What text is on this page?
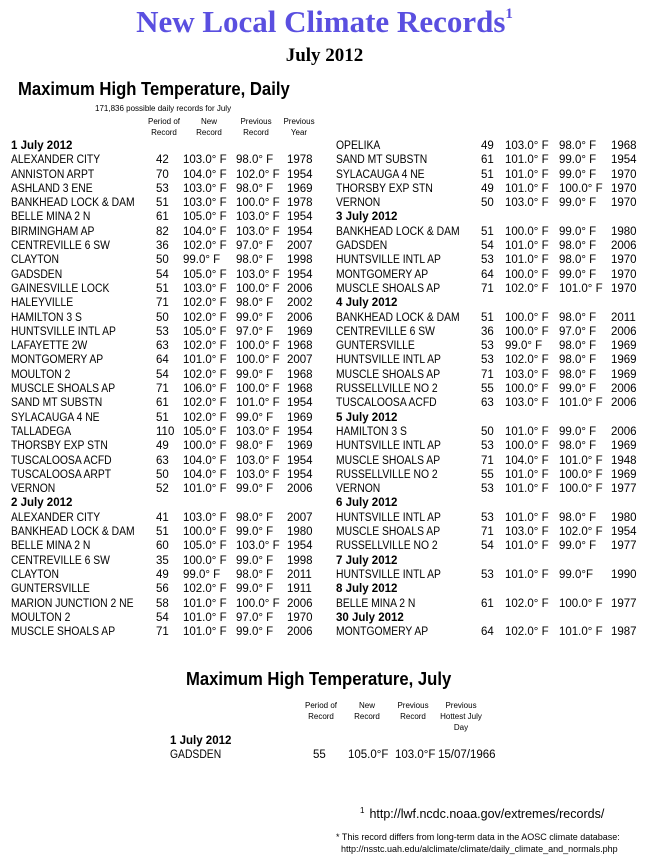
New Local Climate Records$^1$
July 2012
Maximum High Temperature, Daily
171,836 possible daily records for July
Period of
Record
New
Record
Previous
Record
Previous
Year
1 July 2012
ALEXANDER CITY	42 103.0° F 98.0° F 1978
ANNISTON ARPT	70 104.0° F 102.0° F 1954
ASHLAND 3 ENE	53 103.0° F 98.0° F 1969
BANKHEAD LOCK & DAM 51 103.0° F 100.0° F 1978
BELLE MINA 2 N	61 105.0° F 103.0° F 1954
BIRMINGHAM AP	82 104.0° F 103.0° F 1954
CENTREVILLE 6 SW	36 102.0° F 97.0° F 2007
CLAYTON	50 99.0° F 98.0° F 1998
GADSDEN	54 105.0° F 103.0° F 1954
GAINESVILLE LOCK	51 103.0° F 100.0° F 2006
HALEYVILLE	71 102.0° F 98.0° F 2002
HAMILTON 3 S	50 102.0° F 99.0° F 2006
HUNTSVILLE INTL AP	53 105.0° F 97.0° F 1969
LAFAYETTE 2W	63 102.0° F 100.0° F 1968
MONTGOMERY AP	64 101.0° F 100.0° F 2007
MOULTON 2	54 102.0° F 99.0° F 1968
MUSCLE SHOALS AP	71 106.0° F 100.0° F 1968
SAND MT SUBSTN	61 102.0° F 101.0° F 1954
SYLACAUGA 4 NE	51 102.0° F 99.0° F 1969
TALLADEGA	110 105.0° F 103.0° F 1954
THORSBY EXP STN	49 100.0° F 98.0° F 1969
TUSCALOOSA ACFD	63 104.0° F 103.0° F 1954
TUSCALOOSA ARPT	50 104.0° F 103.0° F 1954
VERNON	52 101.0° F 99.0° F 2006
2 July 2012
ALEXANDER CITY	41 103.0° F 98.0° F 2007
BANKHEAD LOCK & DAM 51 100.0° F 99.0° F 1980
BELLE MINA 2 N	60 105.0° F 103.0° F 1954
CENTREVILLE 6 SW	35 100.0° F 99.0° F 1998
CLAYTON	49 99.0° F 98.0° F 2011
GUNTERSVILLE	56 102.0° F 99.0° F 1911
MARION JUNCTION 2 NE 58 101.0° F 100.0° F 2006
MOULTON 2	54 101.0° F 97.0° F 1970
MUSCLE SHOALS AP	71 101.0° F 99.0° F 2006
OPELIKA	49 103.0° F 98.0° F 1968
SAND MT SUBSTN	61 101.0° F 99.0° F 1954
SYLACAUGA 4 NE	51 101.0° F 99.0° F 1970
THORSBY EXP STN	49 101.0° F 100.0° F 1970
VERNON	50 103.0° F 99.0° F 1970
3 July 2012
BANKHEAD LOCK & DAM 51 100.0° F 99.0° F 1980
GADSDEN	54 101.0° F 98.0° F 2006
HUNTSVILLE INTL AP	53 101.0° F 98.0° F 1970
MONTGOMERY AP	64 100.0° F 99.0° F 1970
MUSCLE SHOALS AP	71 102.0° F 101.0° F 1970
4 July 2012
BANKHEAD LOCK & DAM 51 100.0° F 98.0° F 2011
CENTREVILLE 6 SW	36 100.0° F 97.0° F 2006
GUNTERSVILLE	53 99.0° F 98.0° F 1969
HUNTSVILLE INTL AP	53 102.0° F 98.0° F 1969
MUSCLE SHOALS AP	71 103.0° F 98.0° F 1969
RUSSELLVILLE NO 2	55 100.0° F 99.0° F 2006
TUSCALOOSA ACFD	63 103.0° F 101.0° F 2006
5 July 2012
HAMILTON 3 S	50 101.0° F 99.0° F 2006
HUNTSVILLE INTL AP	53 100.0° F 98.0° F 1969
MUSCLE SHOALS AP	71 104.0° F 101.0° F 1948
RUSSELLVILLE NO 2	55 101.0° F 100.0° F 1969
VERNON	53 101.0° F 100.0° F 1977
6 July 2012
HUNTSVILLE INTL AP	53 101.0° F 98.0° F 1980
MUSCLE SHOALS AP	71 103.0° F 102.0° F 1954
RUSSELLVILLE NO 2	54 101.0° F 99.0° F 1977
7 July 2012
HUNTSVILLE INTL AP	53 101.0° F 99.0°F 1990
8 July 2012
BELLE MINA 2 N	61 102.0° F 100.0° F 1977
30 July 2012
MONTGOMERY AP	64 102.0° F 101.0° F 1987
Maximum High Temperature, July
Period of
Record
New
Record
Previous
Record
Previous
Hottest July
Day
1 July 2012
GADSDEN	55 105.0°F 103.0°F 15/07/1966
$^1$ http://lwf.ncdc.noaa.gov/extremes/records/
* This record differs from long-term data in the AOSC climate database:
http://nsstc.uah.edu/alclimate/climate/daily_climate_and_normals.php
